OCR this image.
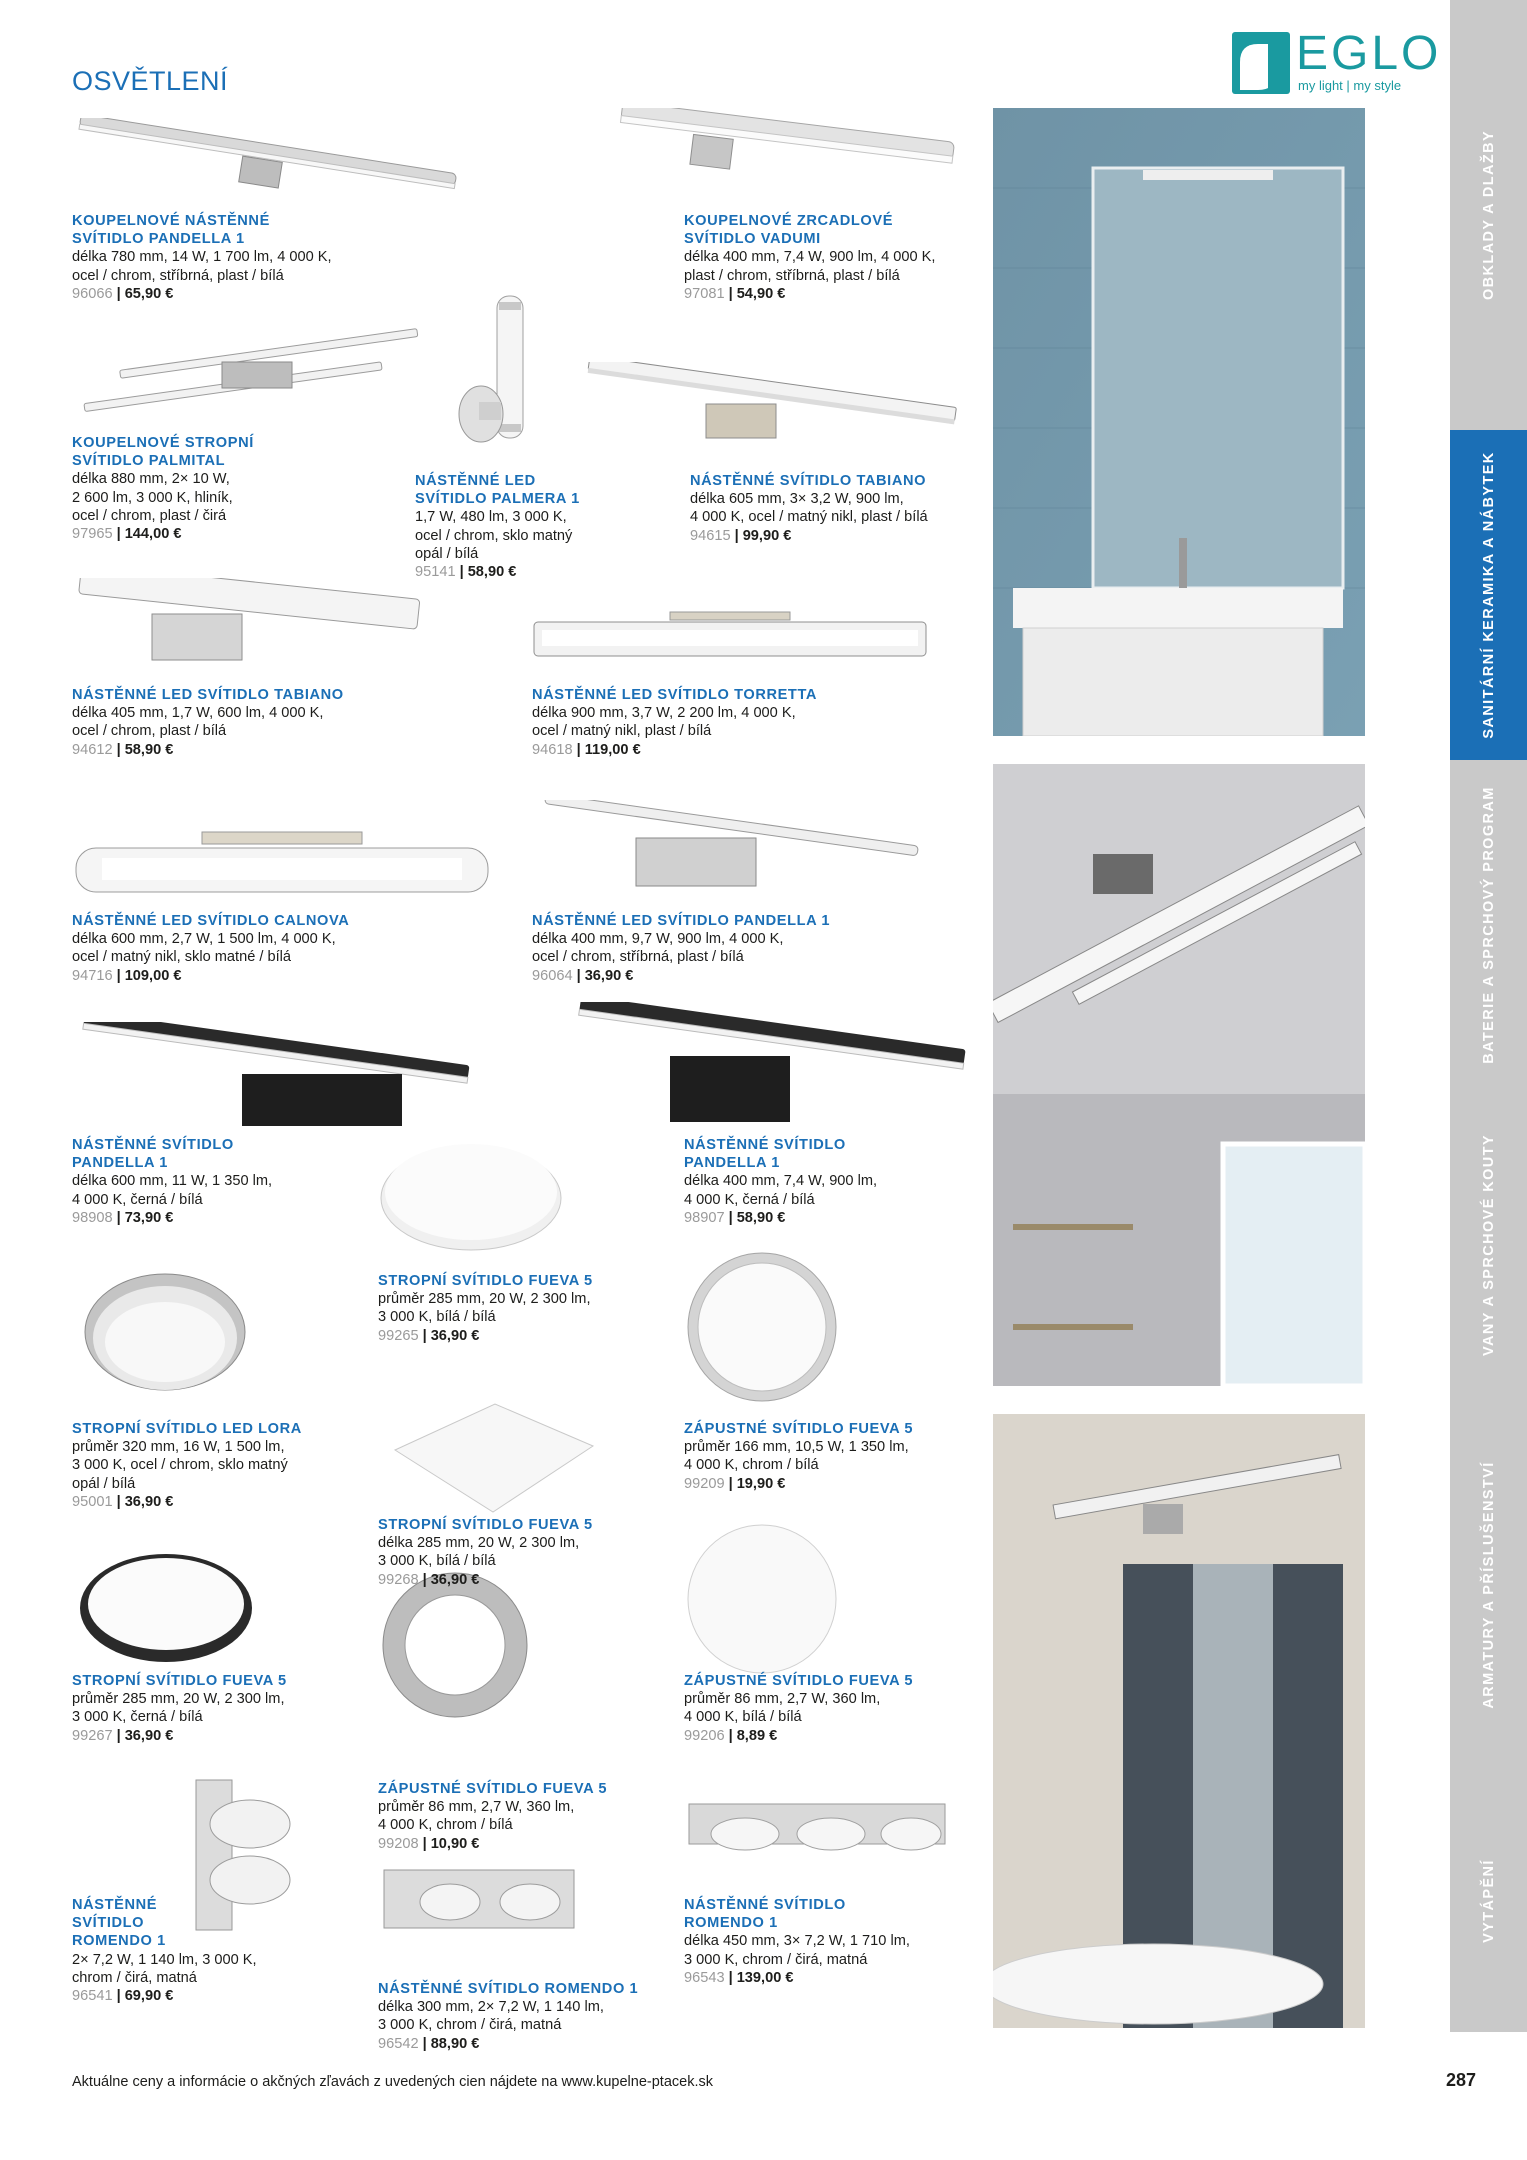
OSVĚTLENÍ
EGLO
my light | my style
KOUPELNOVÉ NÁSTĚNNÉ
SVÍTIDLO PANDELLA 1
délka 780 mm, 14 W, 1 700 lm, 4 000 K,
ocel / chrom, stříbrná, plast / bílá
96066 | 65,90 €
KOUPELNOVÉ ZRCADLOVÉ
SVÍTIDLO VADUMI
délka 400 mm, 7,4 W, 900 lm, 4 000 K,
plast / chrom, stříbrná, plast / bílá
97081 | 54,90 €
KOUPELNOVÉ STROPNÍ
SVÍTIDLO PALMITAL
délka 880 mm, 2× 10 W,
2 600 lm, 3 000 K, hliník,
ocel / chrom, plast / čirá
97965 | 144,00 €
NÁSTĚNNÉ LED
SVÍTIDLO PALMERA 1
1,7 W, 480 lm, 3 000 K,
ocel / chrom, sklo matný
opál / bílá
95141 | 58,90 €
NÁSTĚNNÉ SVÍTIDLO TABIANO
délka 605 mm, 3× 3,2 W, 900 lm,
4 000 K, ocel / matný nikl, plast / bílá
94615 | 99,90 €
NÁSTĚNNÉ LED SVÍTIDLO TABIANO
délka 405 mm, 1,7 W, 600 lm, 4 000 K,
ocel / chrom, plast / bílá
94612 | 58,90 €
NÁSTĚNNÉ LED SVÍTIDLO TORRETTA
délka 900 mm, 3,7 W, 2 200 lm, 4 000 K,
ocel / matný nikl, plast / bílá
94618 | 119,00 €
NÁSTĚNNÉ LED SVÍTIDLO CALNOVA
délka 600 mm, 2,7 W, 1 500 lm, 4 000 K,
ocel / matný nikl, sklo matné / bílá
94716 | 109,00 €
NÁSTĚNNÉ LED SVÍTIDLO PANDELLA 1
délka 400 mm, 9,7 W, 900 lm, 4 000 K,
ocel / chrom, stříbrná, plast / bílá
96064 | 36,90 €
NÁSTĚNNÉ SVÍTIDLO
PANDELLA 1
délka 600 mm, 11 W, 1 350 lm,
4 000 K, černá / bílá
98908 | 73,90 €
NÁSTĚNNÉ SVÍTIDLO
PANDELLA 1
délka 400 mm, 7,4 W, 900 lm,
4 000 K, černá / bílá
98907 | 58,90 €
STROPNÍ SVÍTIDLO FUEVA 5
průměr 285 mm, 20 W, 2 300 lm,
3 000 K, bílá / bílá
99265 | 36,90 €
STROPNÍ SVÍTIDLO LED LORA
průměr 320 mm, 16 W, 1 500 lm,
3 000 K, ocel / chrom, sklo matný
opál / bílá
95001 | 36,90 €
ZÁPUSTNÉ SVÍTIDLO FUEVA 5
průměr 166 mm, 10,5 W, 1 350 lm,
4 000 K, chrom / bílá
99209 | 19,90 €
STROPNÍ SVÍTIDLO FUEVA 5
délka 285 mm, 20 W, 2 300 lm,
3 000 K, bílá / bílá
99268 | 36,90 €
STROPNÍ SVÍTIDLO FUEVA 5
průměr 285 mm, 20 W, 2 300 lm,
3 000 K, černá / bílá
99267 | 36,90 €
ZÁPUSTNÉ SVÍTIDLO FUEVA 5
průměr 86 mm, 2,7 W, 360 lm,
4 000 K, bílá / bílá
99206 | 8,89 €
ZÁPUSTNÉ SVÍTIDLO FUEVA 5
průměr 86 mm, 2,7 W, 360 lm,
4 000 K, chrom / bílá
99208 | 10,90 €
NÁSTĚNNÉ
SVÍTIDLO
ROMENDO 1
2× 7,2 W, 1 140 lm, 3 000 K,
chrom / čirá, matná
96541 | 69,90 €
NÁSTĚNNÉ SVÍTIDLO
ROMENDO 1
délka 450 mm, 3× 7,2 W, 1 710 lm,
3 000 K, chrom / čirá, matná
96543 | 139,00 €
NÁSTĚNNÉ SVÍTIDLO ROMENDO 1
délka 300 mm, 2× 7,2 W, 1 140 lm,
3 000 K, chrom / čirá, matná
96542 | 88,90 €
OBKLADY A DLAŽBY
SANITÁRNÍ KERAMIKA A NÁBYTEK
BATERIE A SPRCHOVÝ PROGRAM
VANY A SPRCHOVÉ KOUTY
ARMATURY A PŘÍSLUŠENSTVÍ
VYTÁPĚNÍ
Aktuálne ceny a informácie o akčných zľavách z uvedených cien nájdete na www.kupelne-ptacek.sk	287
